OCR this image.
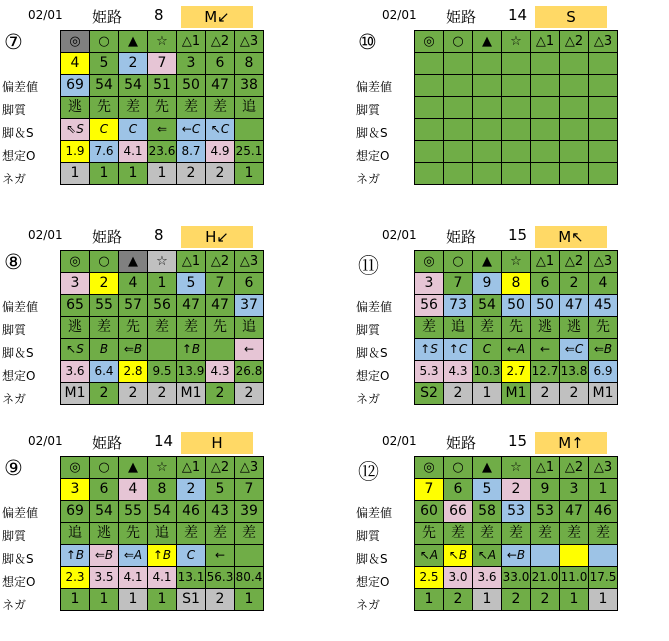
02/01 姫路 8	M↙
⑦
偏差値
脚質
脚＆S
想定O
ネガ
◎	○	▲	☆	△1	△2	△3
4	5	2	7	3	6	8
69	54	54	51	50	47	38
逃	先	差	先	差	差	追
⇖S	C	C	⇐	←C	↖C	
1.9	7.6	4.1	23.6	8.7	4.9	25.1
1	1	1	1	2	2	1
02/01 姫路 14	S
⑩
偏差値
脚質
脚＆S
想定O
ネガ
◎	○	▲	☆	△1	△2	△3

02/01 姫路 8	H↙
⑧
偏差値
脚質
脚＆S
想定O
ネガ
◎	○	▲	☆	△1	△2	△3
3	2	4	1	5	7	6
65	55	57	56	47	47	37
逃	差	先	差	差	先	追
↖S	B	⇐B		↑B		←
3.6	6.4	2.8	9.5	13.9	4.3	26.8
M1	2	2	2	M1	2	2
02/01 姫路 15	M↖
⑪
偏差値
脚質
脚＆S
想定O
ネガ
◎	○	▲	☆	△1	△2	△3
3	7	9	8	6	2	4
56	73	54	50	50	47	45
差	追	差	先	逃	逃	先
↑S	↑C	C	←A	←	⇐C	⇐B
5.3	4.3	10.3	2.7	12.7	13.8	6.9
S2	2	1	M1	2	2	M1
02/01 姫路 14	H
⑨
偏差値
脚質
脚＆S
想定O
ネガ
◎	○	▲	☆	△1	△2	△3
3	6	4	8	2	5	7
69	54	55	54	46	43	39
追	逃	先	追	差	差	差
↑B	⇐B	⇐A	↑B	C	←	
2.3	3.5	4.1	4.1	13.1	56.3	80.4
1	1	1	1	S1	2	1
02/01 姫路 15	M↑
⑫
偏差値
脚質
脚＆S
想定O
ネガ
◎	○	▲	☆	△1	△2	△3
7	6	5	2	9	3	1
60	66	58	53	53	47	46
先	差	差	差	差	差	差
↖A	↖B	↖A	←B			
2.5	3.0	3.6	33.0	21.0	11.0	17.5
1	2	1	2	2	1	1
